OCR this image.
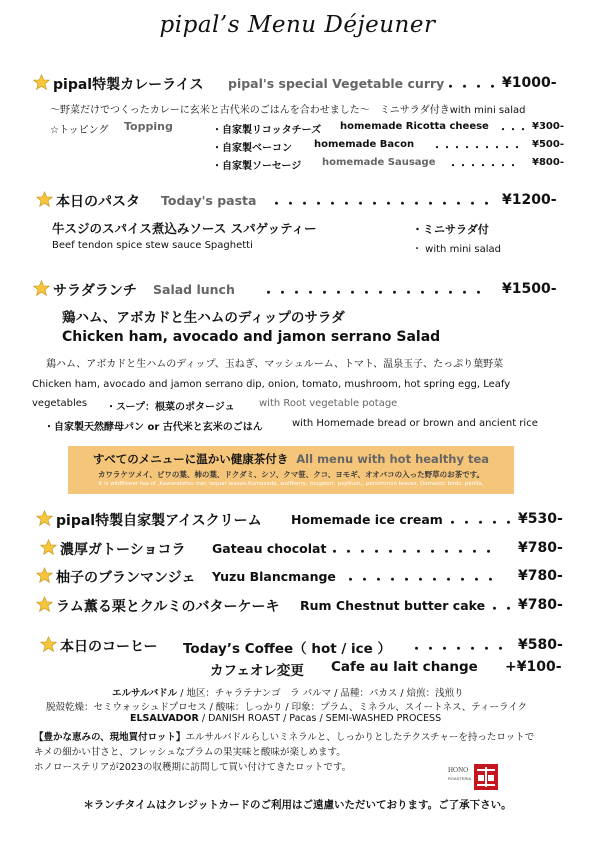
pipal’s Menu Déjeuner
pipal特製カレーライス pipal's special Vegetable curry ・・・・ ¥1000-
～野菜だけでつくったカレーに玄米と古代米のごはんを合わせました～　ミニサラダ付きwith mini salad
☆トッピング Topping	・自家製リコッタチーズ homemade Ricotta cheese ・・・ ¥300-
・自家製ベーコン homemade Bacon ・・・・・・・・・ ¥500-
・自家製ソーセージ homemade Sausage ・・・・・・・ ¥800-
本日のパスタ Today's pasta ・・・・・・・・・・・・・・・・ ¥1200-
牛スジのスパイス煮込みソース スパゲッティー
Beef tendon spice stew sauce Spaghetti
・ミニサラダ付
・ with mini salad
サラダランチ Salad lunch ・・・・・・・・・・・・・・・・ ¥1500-
鶏ハム、アボカドと生ハムのディップのサラダ
Chicken ham, avocado and jamon serrano Salad
鶏ハム、アボカドと生ハムのディップ、玉ねぎ、マッシュルーム、トマト、温泉玉子、たっぷり葉野菜
Chicken ham, avocado and jamon serrano dip, onion, tomato, mushroom, hot spring egg, Leafy
vegetables ・スープ：根菜のポタージュ with Root vegetable potage
・自家製天然酵母パン or 古代米と玄米のごはん	with Homemade bread or brown and ancient rice
すべてのメニューに温かい健康茶付き All menu with hot healthy tea
カワラケツメイ、ビワの葉、柿の葉、ドクダミ、シソ、クマ笹、クコ、ヨモギ、オオバコの入った野草のお茶です。
It is wildflower tea of ,Kawaratetsu mei, loquat leaves,Kumasada, wolfberry, mugwort, psyllium,, persimmon leaves, Domestic birds, perilla,
pipal特製自家製アイスクリーム Homemade ice cream ・・・・・ ¥530-
濃厚ガトーショコラ Gateau chocolat ・・・・・・・・・・・・ ¥780-
柚子のブランマンジェ Yuzu Blancmange ・・・・・・・・・・・ ¥780-
ラム薫る栗とクルミのバターケーキ Rum Chestnut butter cake ・・ ¥780-
本日のコーヒー Today’s Coffee（ hot / ice ） ・・・・・・・ ¥580-
カフェオレ変更 Cafe au lait change +¥100-
エルサルバドル / 地区：チャラテナンゴ　ラ パルマ / 品種：パカス / 焙煎：浅煎り
脱殻乾燥：セミウォッシュドプロセス / 酸味：しっかり / 印象：プラム、ミネラル、スイートネス、ティーライク
ELSALVADOR / DANISH ROAST / Pacas / SEMI-WASHED PROCESS
【豊かな恵みの、現地買付ロット】エルサルバドルらしいミネラルと、しっかりとしたテクスチャーを持ったロットで
キメの細かい甘さと、フレッシュなプラムの果実味と酸味が楽しめます。
ホノローステリアが2023の収穫期に訪問して買い付けてきたロットです。	HONO
ROASTERIA
＊ランチタイムはクレジットカードのご利用はご遠慮いただいております。ご了承下さい。
